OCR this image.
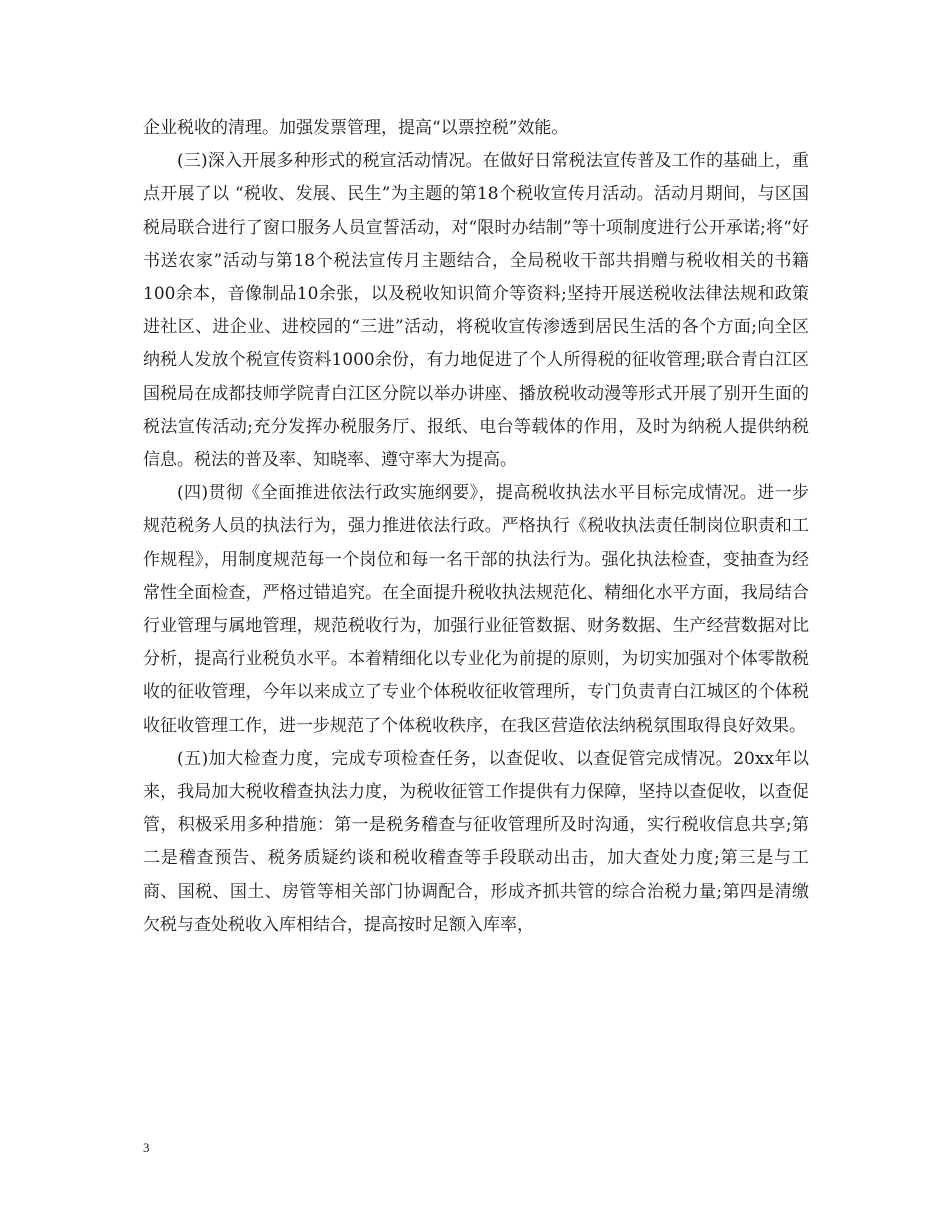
企业税收的清理。加强发票管理，提高“以票控税”效能。

(三)深入开展多种形式的税宣活动情况。在做好日常税法宣传普及工作的基础上，重点开展了以 “税收、发展、民生”为主题的第18个税收宣传月活动。活动月期间，与区国税局联合进行了窗口服务人员宣誓活动，对“限时办结制”等十项制度进行公开承诺;将“好书送农家”活动与第18个税法宣传月主题结合，全局税收干部共捐赠与税收相关的书籍100余本，音像制品10余张，以及税收知识简介等资料;坚持开展送税收法律法规和政策进社区、进企业、进校园的“三进”活动，将税收宣传渗透到居民生活的各个方面;向全区纳税人发放个税宣传资料1000余份，有力地促进了个人所得税的征收管理;联合青白江区国税局在成都技师学院青白江区分院以举办讲座、播放税收动漫等形式开展了别开生面的税法宣传活动;充分发挥办税服务厅、报纸、电台等载体的作用，及时为纳税人提供纳税信息。税法的普及率、知晓率、遵守率大为提高。

(四)贯彻《全面推进依法行政实施纲要》，提高税收执法水平目标完成情况。进一步规范税务人员的执法行为，强力推进依法行政。严格执行《税收执法责任制岗位职责和工作规程》，用制度规范每一个岗位和每一名干部的执法行为。强化执法检查，变抽查为经常性全面检查，严格过错追究。在全面提升税收执法规范化、精细化水平方面，我局结合行业管理与属地管理，规范税收行为，加强行业征管数据、财务数据、生产经营数据对比分析，提高行业税负水平。本着精细化以专业化为前提的原则，为切实加强对个体零散税收的征收管理，今年以来成立了专业个体税收征收管理所，专门负责青白江城区的个体税收征收管理工作，进一步规范了个体税收秩序，在我区营造依法纳税氛围取得良好效果。

(五)加大检查力度，完成专项检查任务，以查促收、以查促管完成情况。20xx年以来，我局加大税收稽查执法力度，为税收征管工作提供有力保障，坚持以查促收，以查促管，积极采用多种措施：第一是税务稽查与征收管理所及时沟通，实行税收信息共享;第二是稽查预告、税务质疑约谈和税收稽查等手段联动出击，加大查处力度;第三是与工商、国税、国土、房管等相关部门协调配合，形成齐抓共管的综合治税力量;第四是清缴欠税与查处税收入库相结合，提高按时足额入库率，

3
